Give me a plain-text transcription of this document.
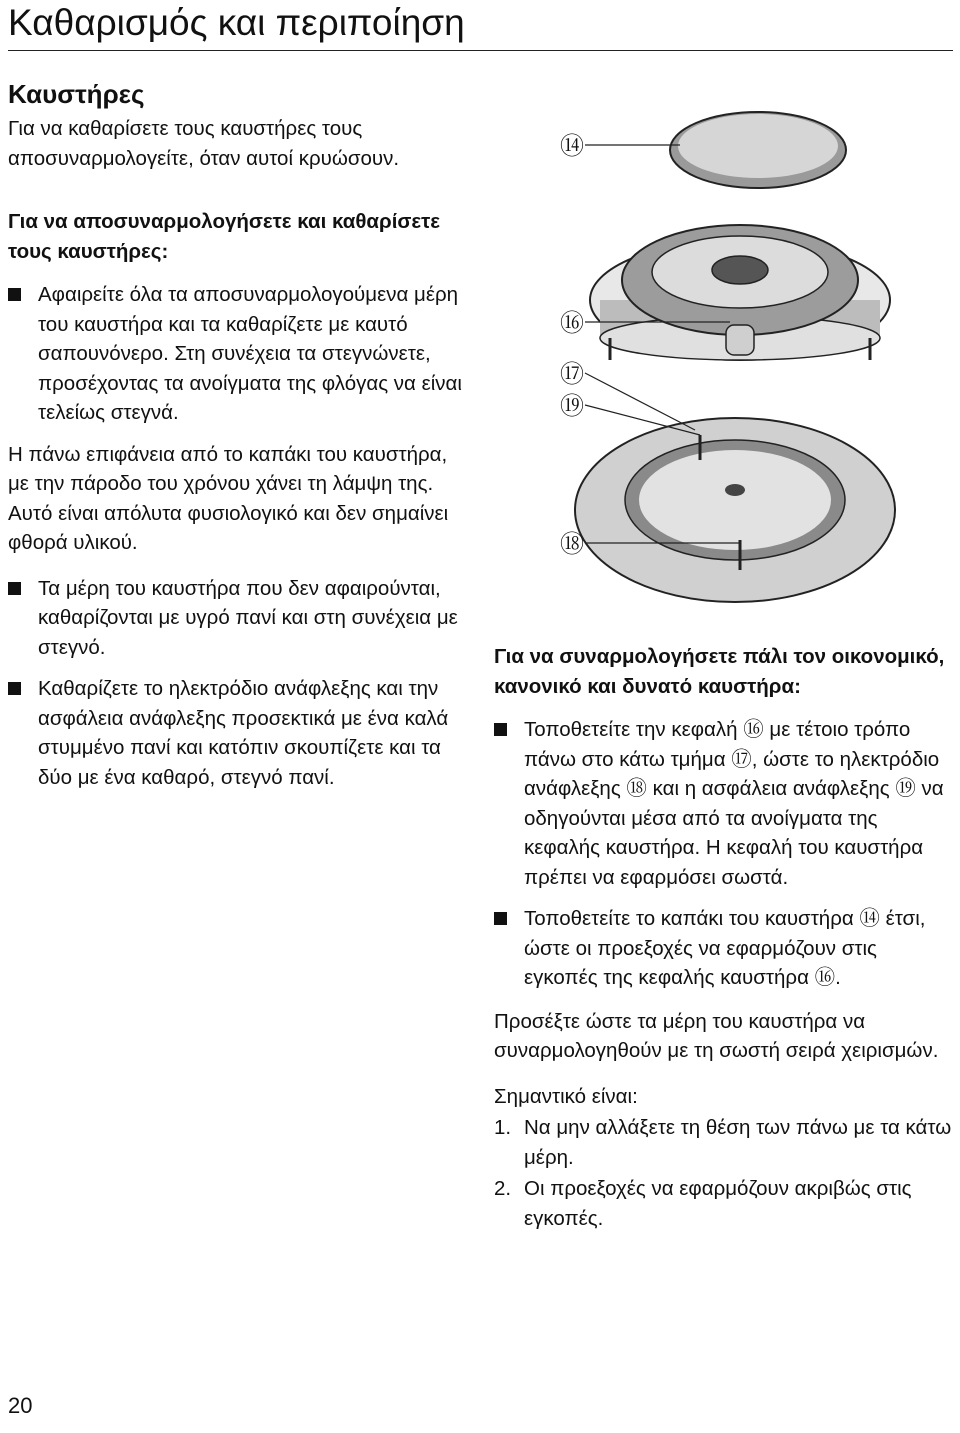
Καθαρισμός και περιποίηση
Καυστήρες

Για να καθαρίσετε τους καυστήρες τους αποσυναρμολογείτε, όταν αυτοί κρυώσουν.

Για να αποσυναρμολογήσετε και καθαρίσετε τους καυστήρες:

Αφαιρείτε όλα τα αποσυναρμολογούμενα μέρη του καυστήρα και τα καθαρίζετε με καυτό σαπουνόνερο. Στη συνέχεια τα στεγνώνετε, προσέχοντας τα ανοίγματα της φλόγας να είναι τελείως στεγνά.

Η πάνω επιφάνεια από το καπάκι του καυστήρα, με την πάροδο του χρόνου χάνει τη λάμψη της. Αυτό είναι απόλυτα φυσιολογικό και δεν σημαίνει φθορά υλικού.

Τα μέρη του καυστήρα που δεν αφαιρούνται, καθαρίζονται με υγρό πανί και στη συνέχεια με στεγνό.
Καθαρίζετε το ηλεκτρόδιο ανάφλεξης και την ασφάλεια ανάφλεξης προσεκτικά με ένα καλά στυμμένο πανί και κατόπιν σκουπίζετε και τα δύο με ένα καθαρό, στεγνό πανί.
⑭
⑯
⑰
⑲
⑱

Για να συναρμολογήσετε πάλι τον οικονομικό, κανονικό και δυνατό καυστήρα:

Τοποθετείτε την κεφαλή ⑯ με τέτοιο τρόπο πάνω στο κάτω τμήμα ⑰, ώστε το ηλεκτρόδιο ανάφλεξης ⑱ και η ασφάλεια ανάφλεξης ⑲ να οδηγούνται μέσα από τα ανοίγματα της κεφαλής καυστήρα. Η κεφαλή του καυστήρα πρέπει να εφαρμόσει σωστά.
Τοποθετείτε το καπάκι του καυστήρα ⑭ έτσι, ώστε οι προεξοχές να εφαρμόζουν στις εγκοπές της κεφαλής καυστήρα ⑯.

Προσέξτε ώστε τα μέρη του καυστήρα να συναρμολογηθούν με τη σωστή σειρά χειρισμών.

Σημαντικό είναι:

1. Να μην αλλάξετε τη θέση των πάνω με τα κάτω μέρη.
2. Οι προεξοχές να εφαρμόζουν ακριβώς στις εγκοπές.
20
